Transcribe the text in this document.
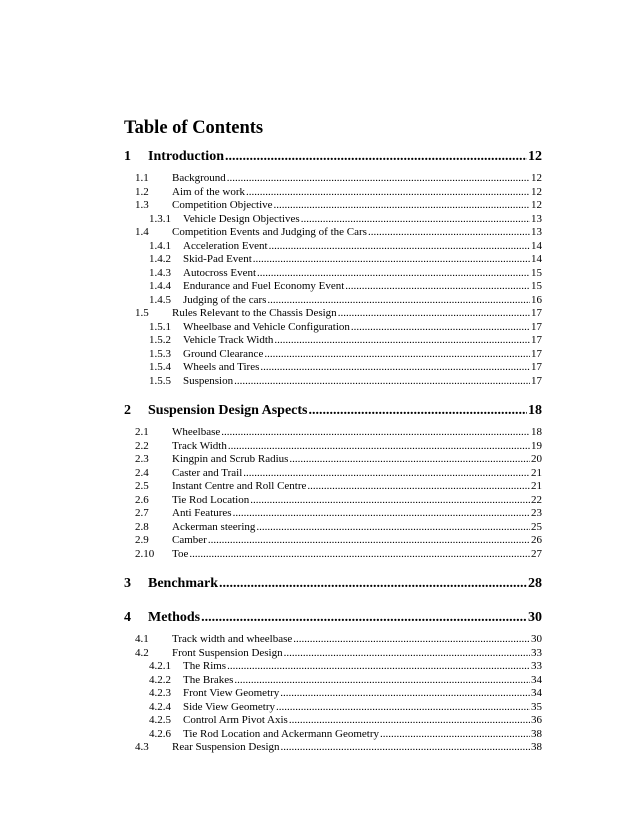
Table of Contents
1	Introduction .....	12
1.1	Background .....	12
1.2	Aim of the work .....	12
1.3	Competition Objective .....	12
1.3.1	Vehicle Design Objectives .....	13
1.4	Competition Events and Judging of the Cars .....	13
1.4.1	Acceleration Event .....	14
1.4.2	Skid-Pad Event .....	14
1.4.3	Autocross Event .....	15
1.4.4	Endurance and Fuel Economy Event .....	15
1.4.5	Judging of the cars .....	16
1.5	Rules Relevant to the Chassis Design .....	17
1.5.1	Wheelbase and Vehicle Configuration .....	17
1.5.2	Vehicle Track Width .....	17
1.5.3	Ground Clearance .....	17
1.5.4	Wheels and Tires .....	17
1.5.5	Suspension .....	17
2	Suspension Design Aspects .....	18
2.1	Wheelbase .....	18
2.2	Track Width .....	19
2.3	Kingpin and Scrub Radius .....	20
2.4	Caster and Trail .....	21
2.5	Instant Centre and Roll Centre .....	21
2.6	Tie Rod Location .....	22
2.7	Anti Features .....	23
2.8	Ackerman steering .....	25
2.9	Camber .....	26
2.10	Toe .....	27
3	Benchmark .....	28
4	Methods .....	30
4.1	Track width and wheelbase .....	30
4.2	Front Suspension Design .....	33
4.2.1	The Rims .....	33
4.2.2	The Brakes .....	34
4.2.3	Front View Geometry .....	34
4.2.4	Side View Geometry .....	35
4.2.5	Control Arm Pivot Axis .....	36
4.2.6	Tie Rod Location and Ackermann Geometry .....	38
4.3	Rear Suspension Design .....	38
